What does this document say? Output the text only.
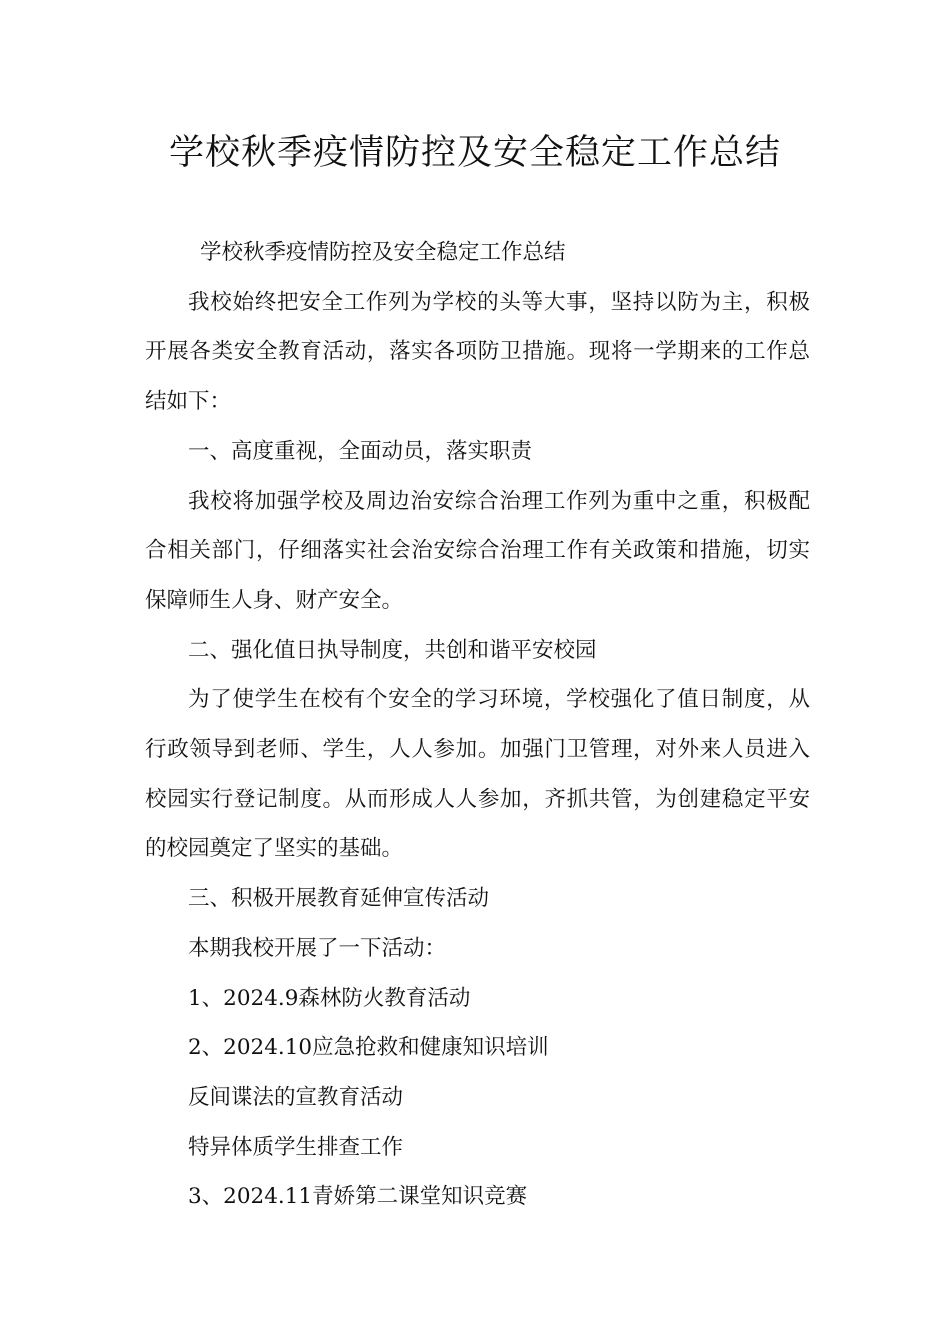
学校秋季疫情防控及安全稳定工作总结

学校秋季疫情防控及安全稳定工作总结

我校始终把安全工作列为学校的头等大事，坚持以防为主，积极开展各类安全教育活动，落实各项防卫措施。现将一学期来的工作总结如下：

一、高度重视，全面动员，落实职责

我校将加强学校及周边治安综合治理工作列为重中之重，积极配合相关部门，仔细落实社会治安综合治理工作有关政策和措施，切实保障师生人身、财产安全。

二、强化值日执导制度，共创和谐平安校园

为了使学生在校有个安全的学习环境，学校强化了值日制度，从行政领导到老师、学生，人人参加。加强门卫管理，对外来人员进入校园实行登记制度。从而形成人人参加，齐抓共管，为创建稳定平安的校园奠定了坚实的基础。

三、积极开展教育延伸宣传活动

本期我校开展了一下活动：

1、2024.9森林防火教育活动

2、2024.10应急抢救和健康知识培训

反间谍法的宣教育活动

特异体质学生排查工作

3、2024.11青娇第二课堂知识竞赛
